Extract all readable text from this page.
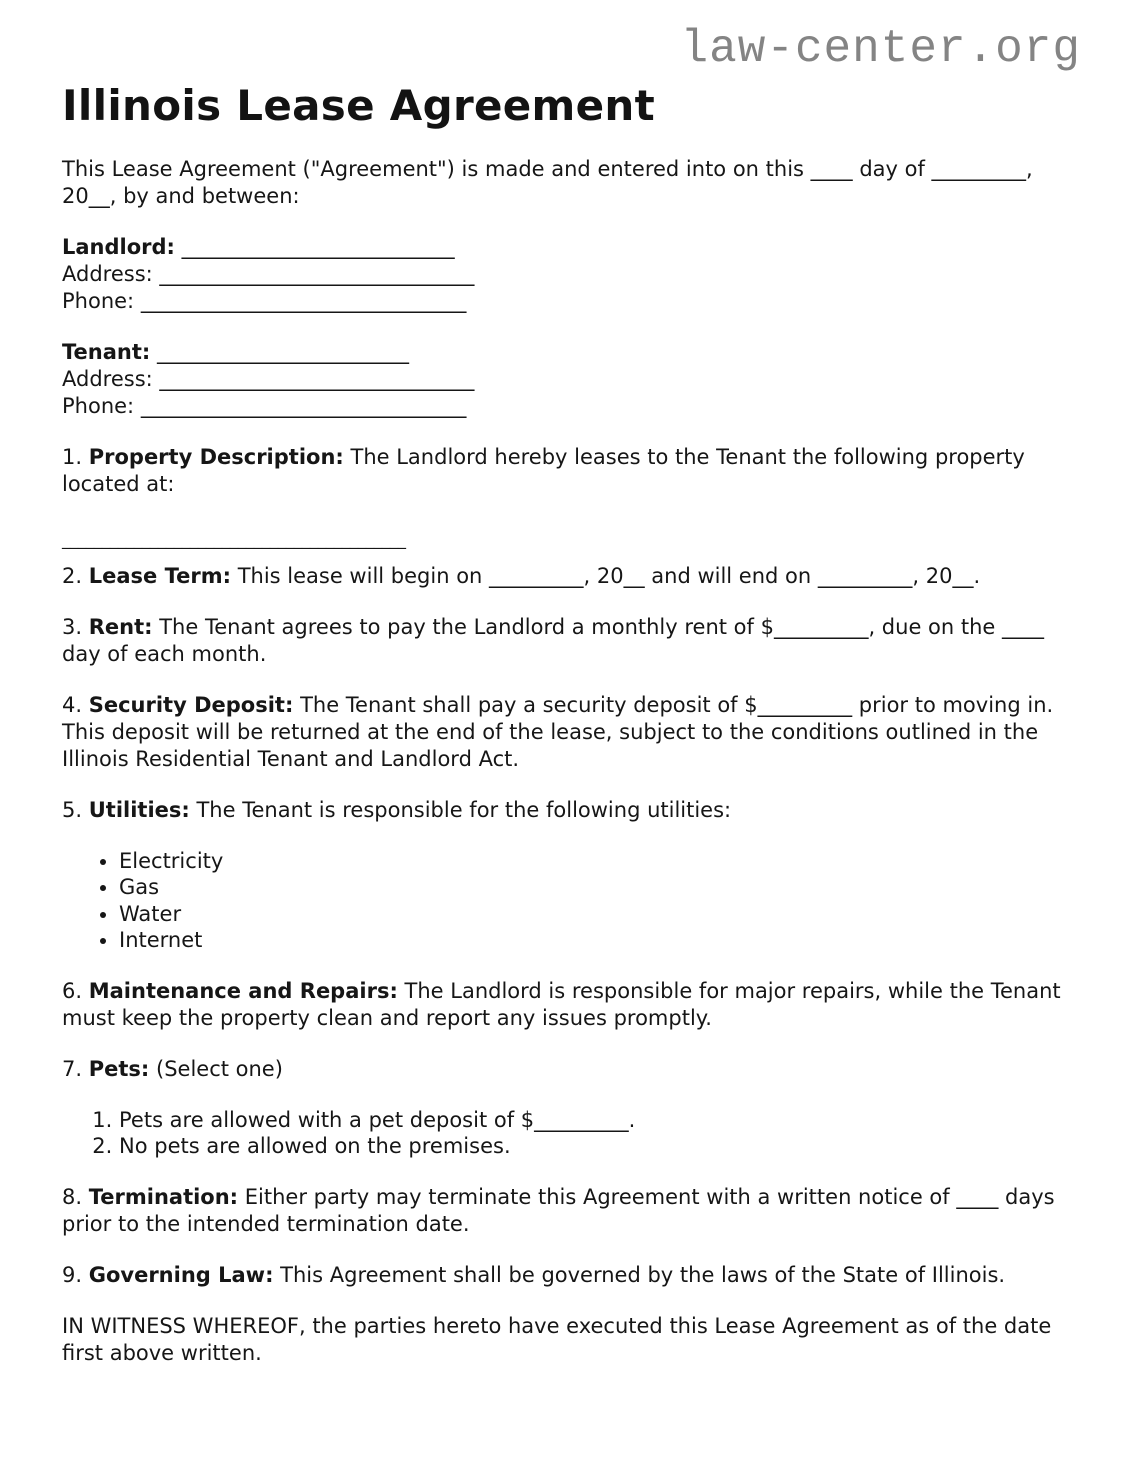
law-center.org
Illinois Lease Agreement

This Lease Agreement ("Agreement") is made and entered into on this ____ day of _________, 20__, by and between:

Landlord: __________________________
Address: ______________________________
Phone: _______________________________
Tenant: ________________________
Address: ______________________________
Phone: _______________________________

1. Property Description: The Landlord hereby leases to the Tenant the following property located at:

___________________________________________

2. Lease Term: This lease will begin on _________, 20__ and will end on _________, 20__.

3. Rent: The Tenant agrees to pay the Landlord a monthly rent of $_________, due on the ____ day of each month.

4. Security Deposit: The Tenant shall pay a security deposit of $_________ prior to moving in. This deposit will be returned at the end of the lease, subject to the conditions outlined in the Illinois Residential Tenant and Landlord Act.

5. Utilities: The Tenant is responsible for the following utilities:

• Electricity
• Gas
• Water
• Internet

6. Maintenance and Repairs: The Landlord is responsible for major repairs, while the Tenant must keep the property clean and report any issues promptly.

7. Pets: (Select one)

1. Pets are allowed with a pet deposit of $_________.
2. No pets are allowed on the premises.

8. Termination: Either party may terminate this Agreement with a written notice of ____ days prior to the intended termination date.

9. Governing Law: This Agreement shall be governed by the laws of the State of Illinois.

IN WITNESS WHEREOF, the parties hereto have executed this Lease Agreement as of the date first above written.
